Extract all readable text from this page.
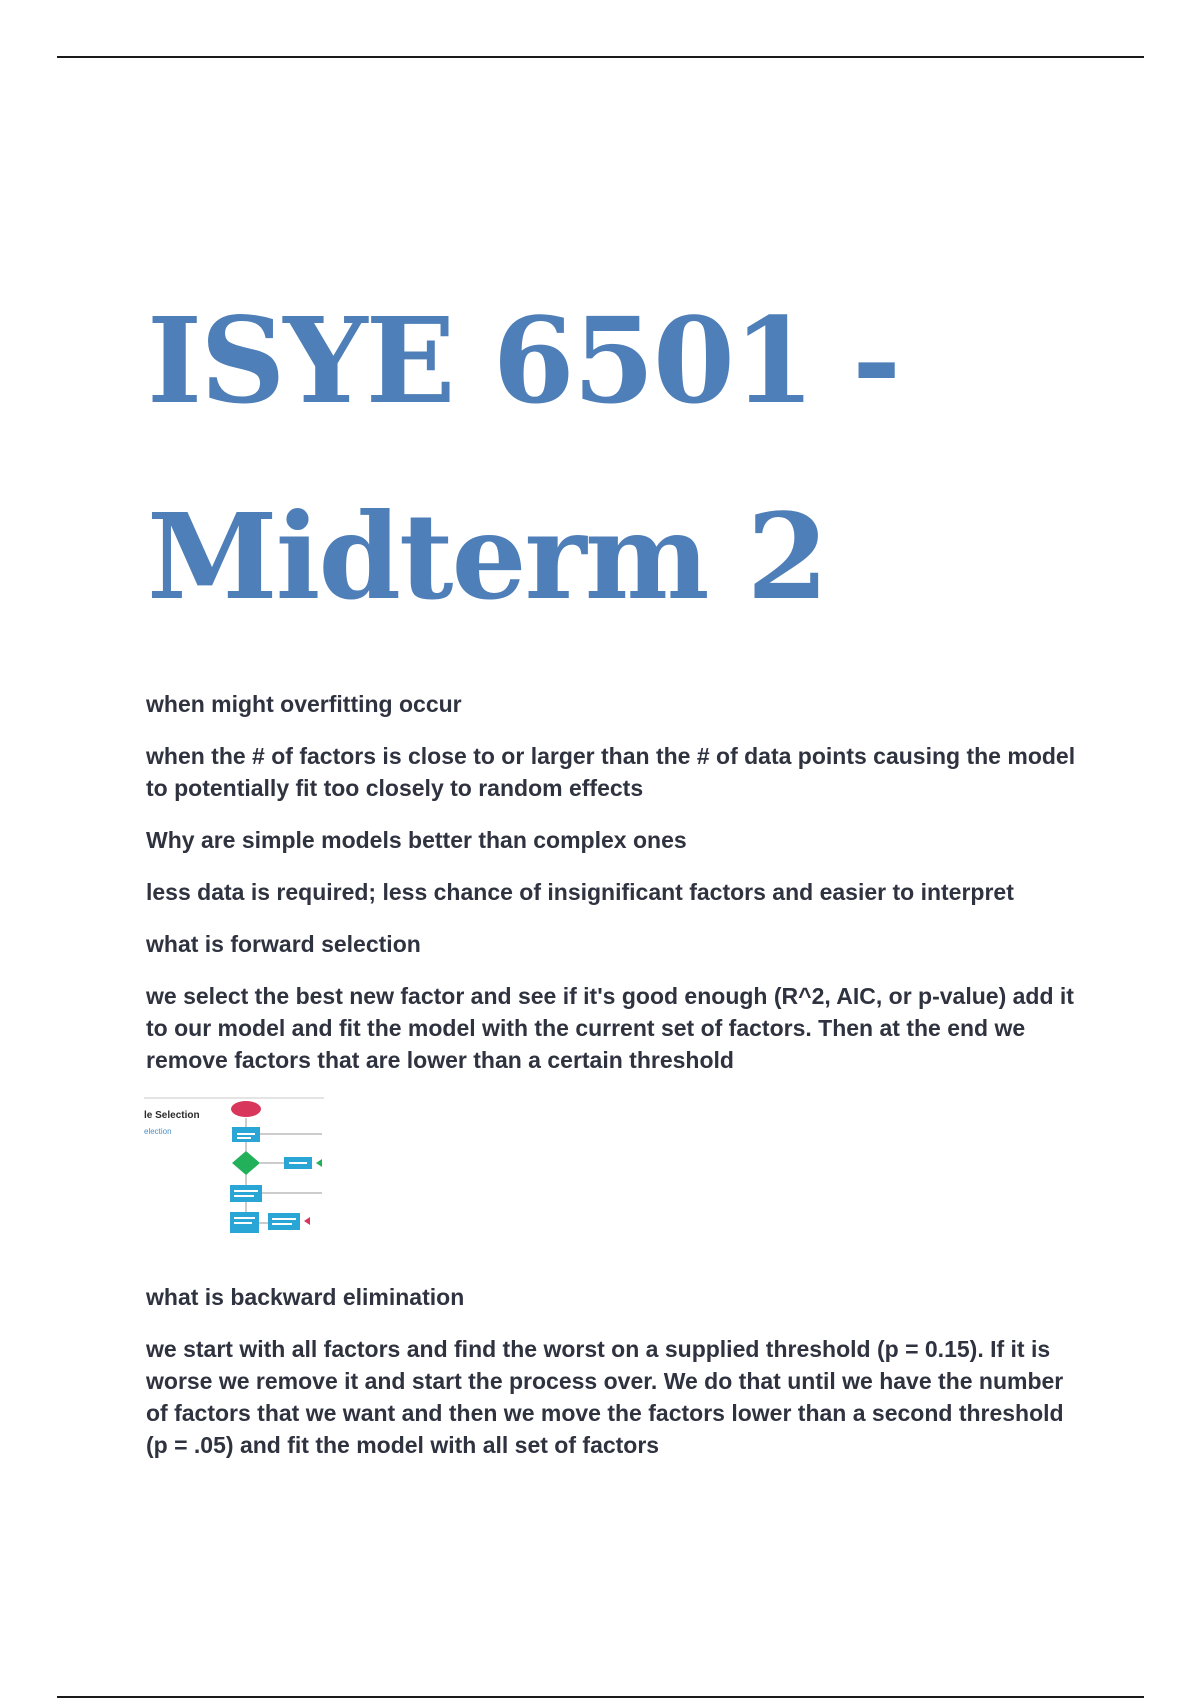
ISYE 6501 -
Midterm 2

when might overfitting occur

when the # of factors is close to or larger than the # of data points causing the model to potentially fit too closely to random effects

Why are simple models better than complex ones

less data is required; less chance of insignificant factors and easier to interpret

what is forward selection

we select the best new factor and see if it's good enough (R^2, AIC, or p-value) add it to our model and fit the model with the current set of factors. Then at the end we remove factors that are lower than a certain threshold

le Selection
election

what is backward elimination

we start with all factors and find the worst on a supplied threshold (p = 0.15). If it is worse we remove it and start the process over. We do that until we have the number of factors that we want and then we move the factors lower than a second threshold (p = .05) and fit the model with all set of factors
